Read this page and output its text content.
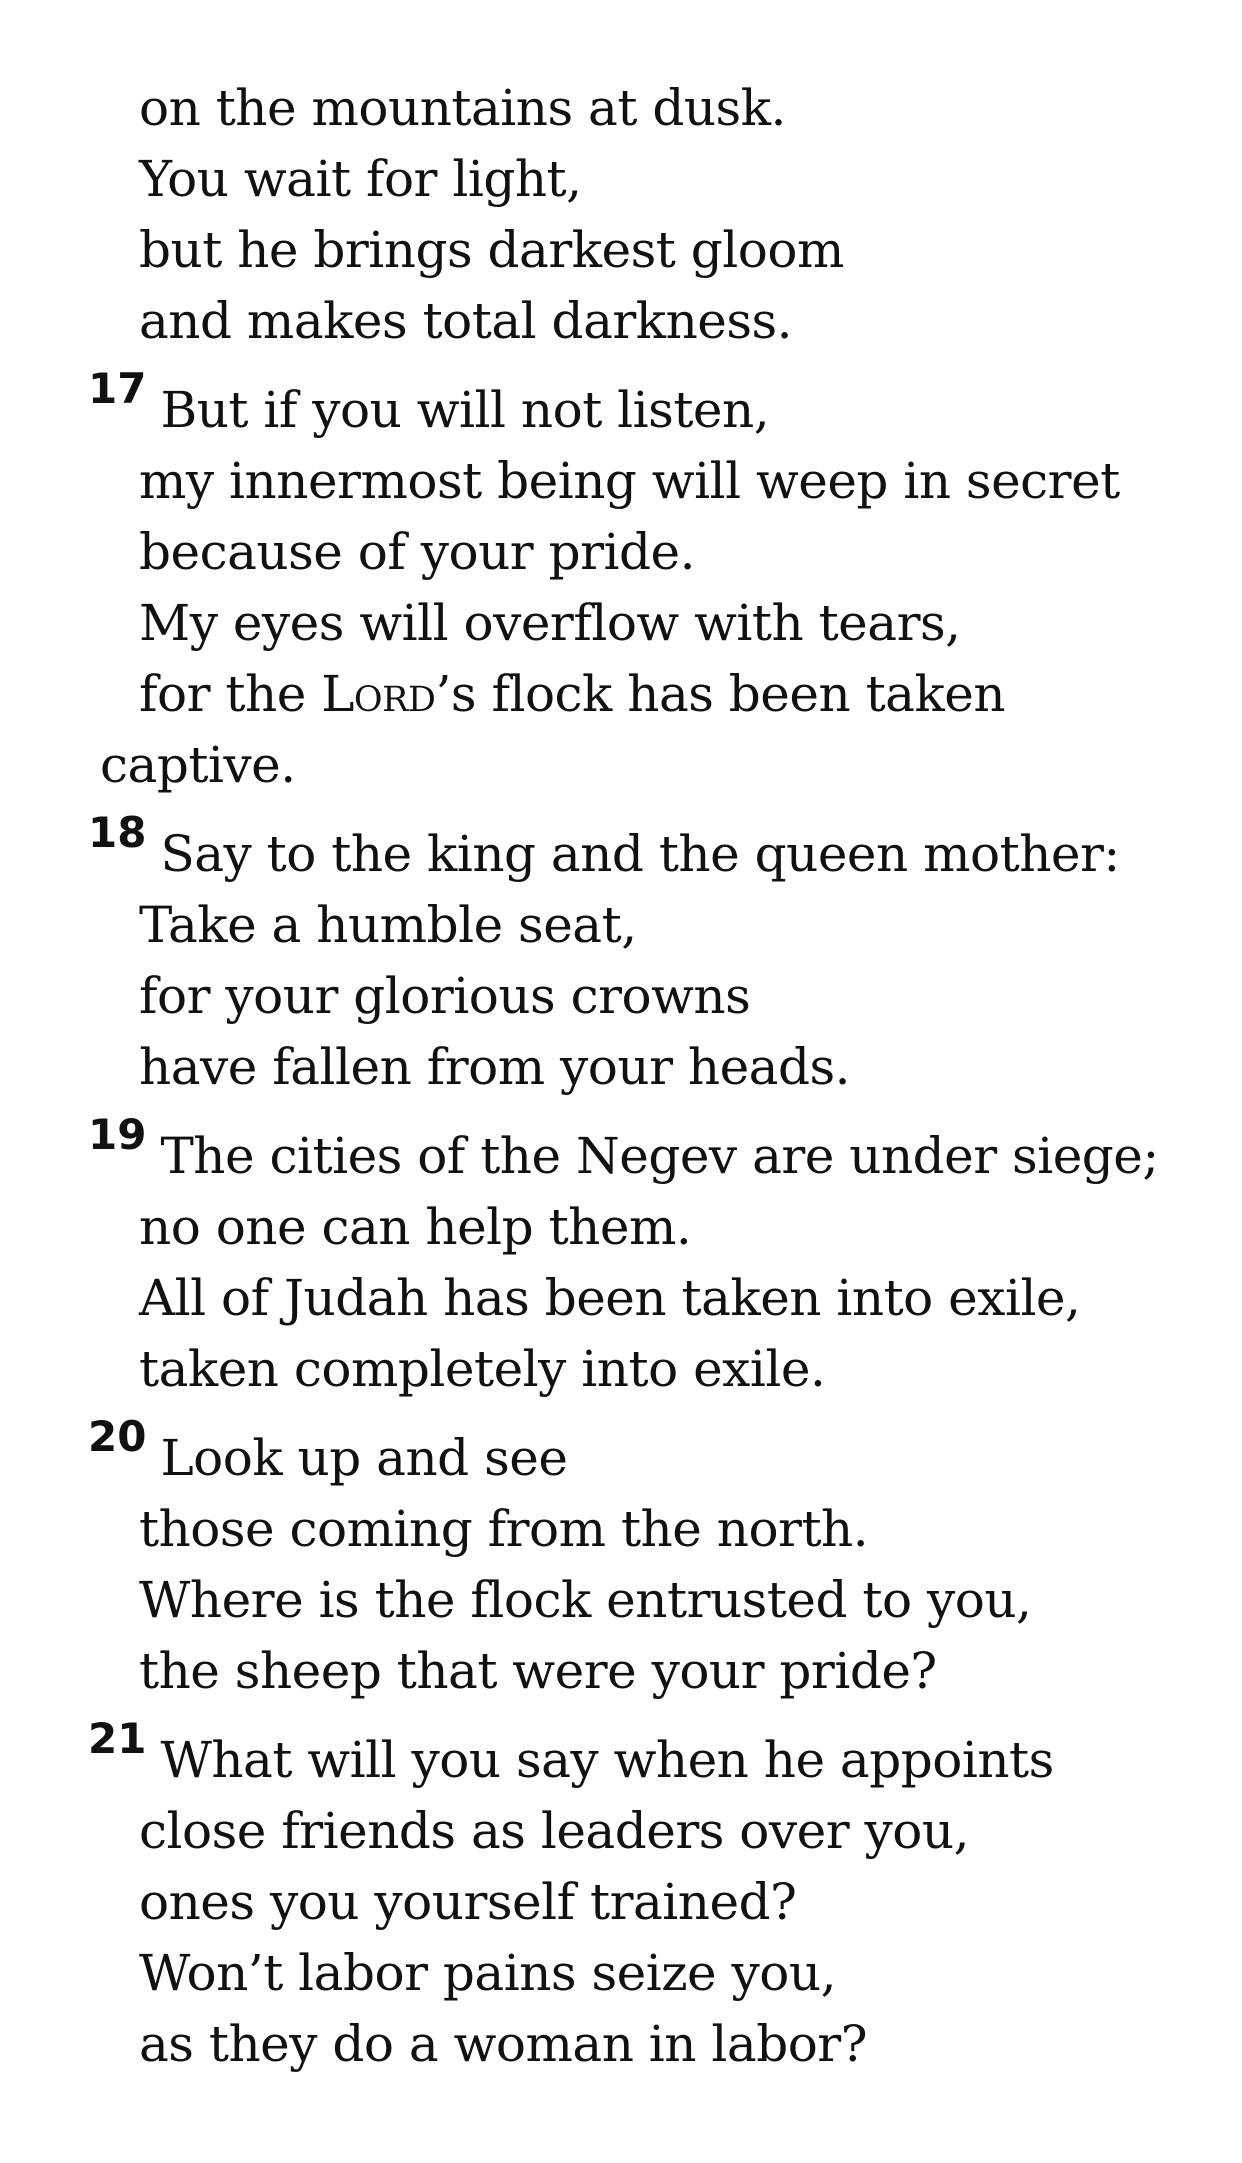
on the mountains at dusk.
You wait for light,
but he brings darkest gloom
and makes total darkness.
$^{17}$ But if you will not listen,
my innermost being will weep in secret
because of your pride.
My eyes will overflow with tears,
for the Lord’s flock has been taken
captive.
$^{18}$ Say to the king and the queen mother:
Take a humble seat,
for your glorious crowns
have fallen from your heads.
$^{19}$ The cities of the Negev are under siege;
no one can help them.
All of Judah has been taken into exile,
taken completely into exile.
$^{20}$ Look up and see
those coming from the north.
Where is the flock entrusted to you,
the sheep that were your pride?
$^{21}$ What will you say when he appoints
close friends as leaders over you,
ones you yourself trained?
Won’t labor pains seize you,
as they do a woman in labor?
